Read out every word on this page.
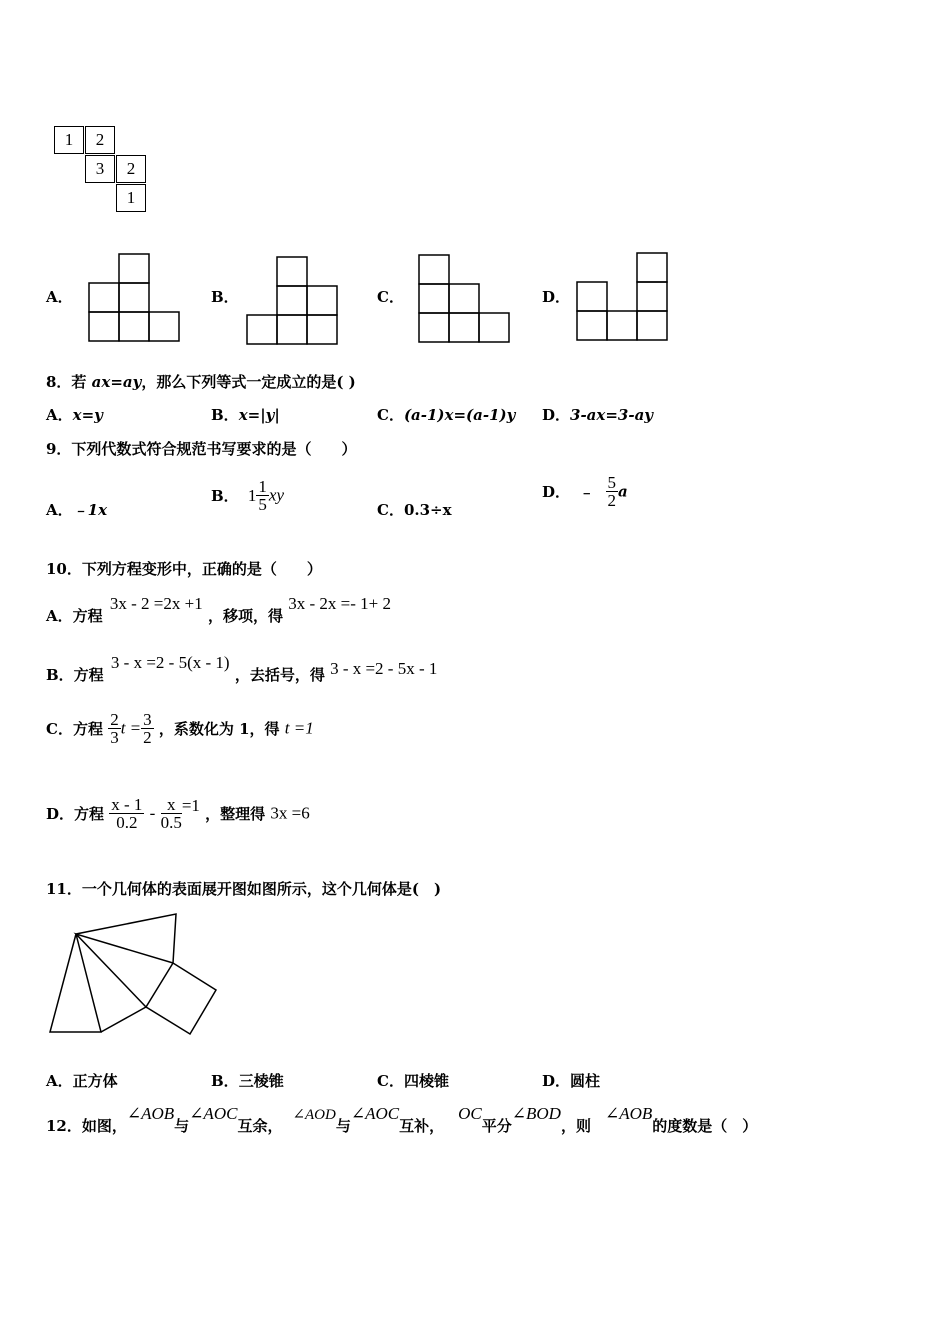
1	2
3	2
1
A．	B．	C．	D．
8．若 ax=ay，那么下列等式一定成立的是( )
A．x=y	B．x=|y|	C．(a-1)x=(a-1)y D．3-ax=3-ay
9．下列代数式符合规范书写要求的是（　　）
A．﹣1x
B． $1 \frac{1}{5}$ xy
C．0.3÷x
D． ﹣ $\frac{5}{2}$ a
10．下列方程变形中，正确的是（　　）
A．方程 3x - 2 =2x +1 ，移项，得 3x - 2x =- 1+ 2
B．方程 3 - x =2 - 5(x - 1) ，去括号，得 3 - x =2 - 5x - 1
C．方程 $\frac{2}{3}$ $t = \frac{3}{2}$ ，系数化为 1，得 t =1
D．方程 $\frac{x - 1}{0.2} - \frac{x}{0.5} =1$ ，整理得 3x =6
11．一个几何体的表面展开图如图所示，这个几何体是(　)
A．正方体	B．三棱锥	C．四棱锥	D．圆柱
12．如图，∠AOB与∠AOC互余，∠AOD与∠AOC互补，OC平分∠BOD，则∠AOB的度数是（　）
